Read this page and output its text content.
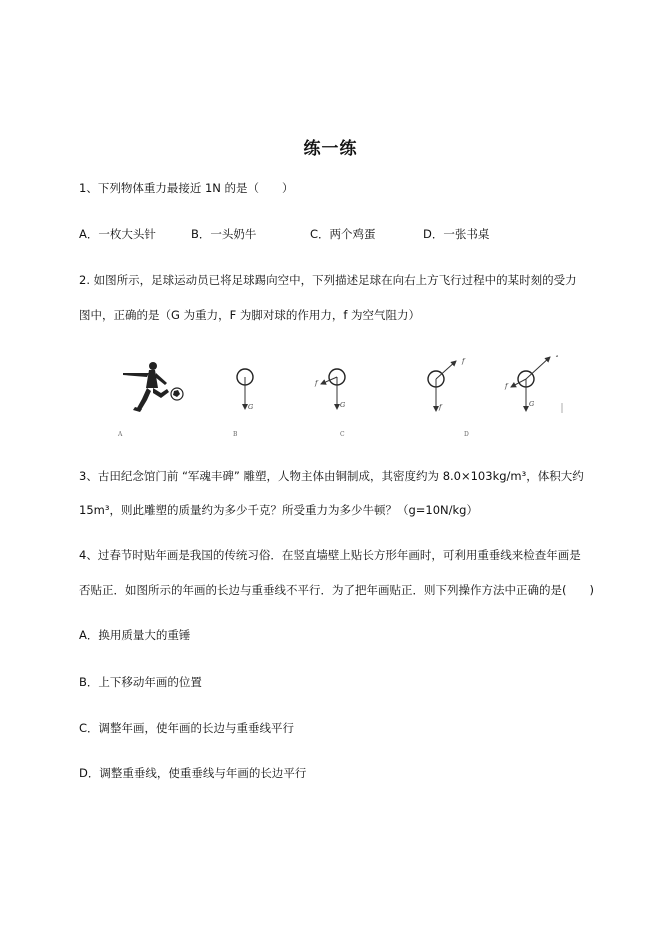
练一练
1、下列物体重力最接近 1N 的是（　　）
A．一枚大头针	B．一头奶牛	C．两个鸡蛋	D．一张书桌
2. 如图所示，足球运动员已将足球踢向空中，下列描述足球在向右上方飞行过程中的某时刻的受力
图中，正确的是（G 为重力，F 为脚对球的作用力，f 为空气阻力）
G	G
f
f
f
G
f
F
A	B	C	D
3、古田纪念馆门前 “军魂丰碑” 雕塑，人物主体由铜制成，其密度约为 8.0×103kg/m³，体积大约
15m³，则此雕塑的质量约为多少千克？所受重力为多少牛顿？（g=10N/kg）
4、过春节时贴年画是我国的传统习俗．在竖直墙壁上贴长方形年画时，可利用重垂线来检查年画是
否贴正．如图所示的年画的长边与重垂线不平行．为了把年画贴正．则下列操作方法中正确的是(　　)
A．换用质量大的重锤
B．上下移动年画的位置
C．调整年画，使年画的长边与重垂线平行
D．调整重垂线，使重垂线与年画的长边平行
